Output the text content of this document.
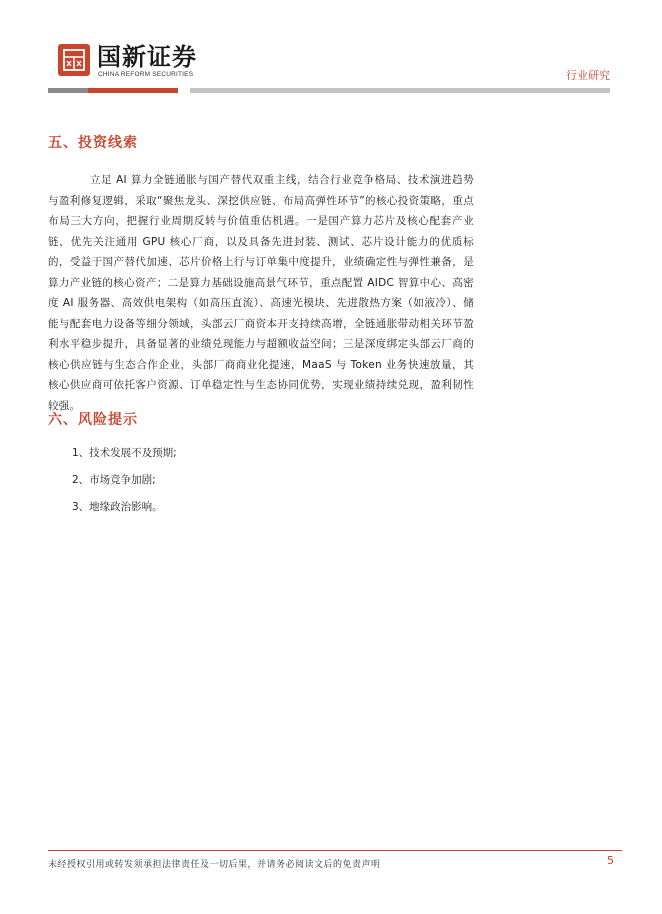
国新证券
CHINA REFORM SECURITIES	行业研究
五、投资线索

立足 AI 算力全链通胀与国产替代双重主线，结合行业竞争格局、技术演进趋势与盈利修复逻辑，采取“聚焦龙头、深挖供应链、布局高弹性环节”的核心投资策略，重点布局三大方向，把握行业周期反转与价值重估机遇。一是国产算力芯片及核心配套产业链，优先关注通用 GPU 核心厂商，以及具备先进封装、测试、芯片设计能力的优质标的，受益于国产替代加速、芯片价格上行与订单集中度提升，业绩确定性与弹性兼备，是算力产业链的核心资产；二是算力基础设施高景气环节，重点配置 AIDC 智算中心、高密度 AI 服务器、高效供电架构（如高压直流）、高速光模块、先进散热方案（如液冷）、储能与配套电力设备等细分领域，头部云厂商资本开支持续高增，全链通胀带动相关环节盈利水平稳步提升，具备显著的业绩兑现能力与超额收益空间；三是深度绑定头部云厂商的核心供应链与生态合作企业，头部厂商商业化提速，MaaS 与 Token 业务快速放量，其核心供应商可依托客户资源、订单稳定性与生态协同优势，实现业绩持续兑现，盈利韧性较强。

六、风险提示
1、技术发展不及预期;
2、市场竞争加剧;
3、地缘政治影响。
未经授权引用或转发须承担法律责任及一切后果，并请务必阅读文后的免责声明	5
